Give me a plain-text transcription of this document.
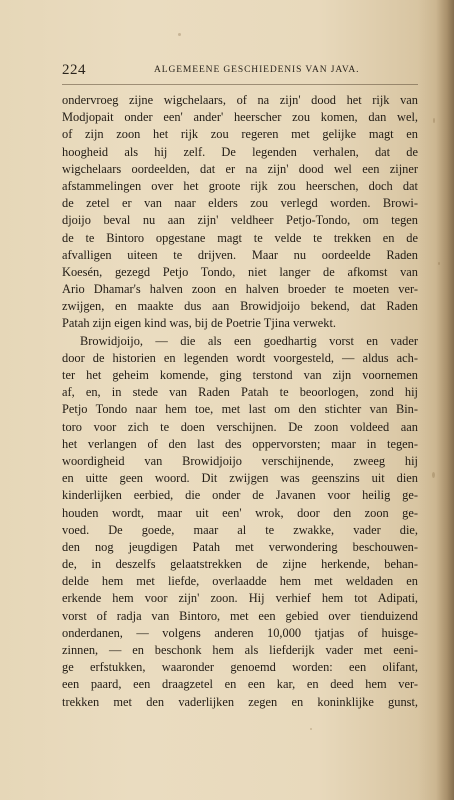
224	ALGEMEENE GESCHIEDENIS VAN JAVA.
ondervroeg zijne wigchelaars, of na zijn' dood het rijk van
Modjopait onder een' ander' heerscher zou komen, dan wel,
of zijn zoon het rijk zou regeren met gelijke magt en
hoogheid als hij zelf. De legenden verhalen, dat de
wigchelaars oordeelden, dat er na zijn' dood wel een zijner
afstammelingen over het groote rijk zou heerschen, doch dat
de zetel er van naar elders zou verlegd worden. Browi-
djoijo beval nu aan zijn' veldheer Petjo-Tondo, om tegen
de te Bintoro opgestane magt te velde te trekken en de
afvalligen uiteen te drijven. Maar nu oordeelde Raden
Koesén, gezegd Petjo Tondo, niet langer de afkomst van
Ario Dhamar's halven zoon en halven broeder te moeten ver-
zwijgen, en maakte dus aan Browidjoijo bekend, dat Raden
Patah zijn eigen kind was, bij de Poetrie Tjina verwekt.
Browidjoijo, — die als een goedhartig vorst en vader
door de historien en legenden wordt voorgesteld, — aldus ach-
ter het geheim komende, ging terstond van zijn voornemen
af, en, in stede van Raden Patah te beoorlogen, zond hij
Petjo Tondo naar hem toe, met last om den stichter van Bin-
toro voor zich te doen verschijnen. De zoon voldeed aan
het verlangen of den last des oppervorsten; maar in tegen-
woordigheid van Browidjoijo verschijnende, zweeg hij
en uitte geen woord. Dit zwijgen was geenszins uit dien
kinderlijken eerbied, die onder de Javanen voor heilig ge-
houden wordt, maar uit een' wrok, door den zoon ge-
voed. De goede, maar al te zwakke, vader die,
den nog jeugdigen Patah met verwondering beschouwen-
de, in deszelfs gelaatstrekken de zijne herkende, behan-
delde hem met liefde, overlaadde hem met weldaden en
erkende hem voor zijn' zoon. Hij verhief hem tot Adipati,
vorst of radja van Bintoro, met een gebied over tienduizend
onderdanen, — volgens anderen 10,000 tjatjas of huisge-
zinnen, — en beschonk hem als liefderijk vader met eeni-
ge erfstukken, waaronder genoemd worden: een olifant,
een paard, een draagzetel en een kar, en deed hem ver-
trekken met den vaderlijken zegen en koninklijke gunst,
